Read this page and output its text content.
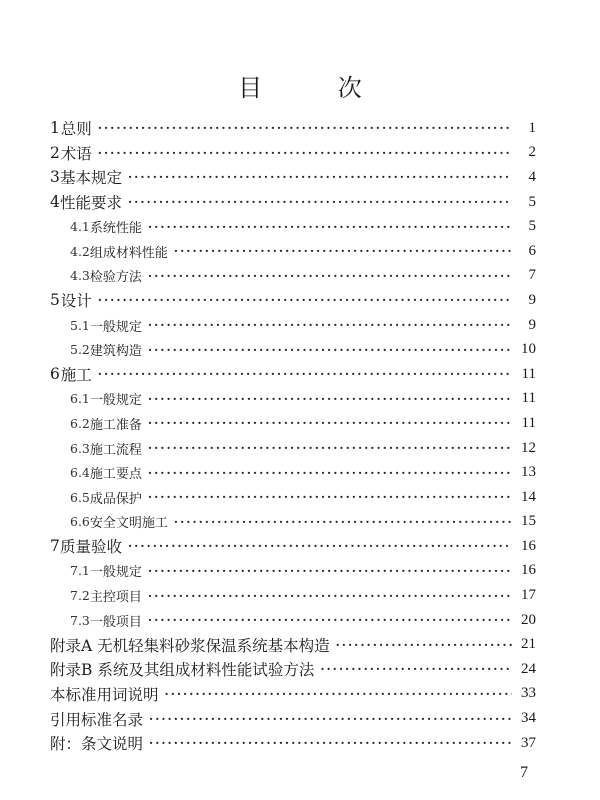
目 次
1 总则 ·····	1
2 术语 ·····	2
3 基本规定 ·····	4
4 性能要求 ·····	5
4.1 系统性能 ·····	5
4.2 组成材料性能 ·····	6
4.3 检验方法 ·····	7
5 设计 ·····	9
5.1 一般规定 ·····	9
5.2 建筑构造 ·····	10
6 施工 ·····	11
6.1 一般规定 ·····	11
6.2 施工准备 ·····	11
6.3 施工流程 ·····	12
6.4 施工要点 ·····	13
6.5 成品保护 ·····	14
6.6 安全文明施工 ·····	15
7 质量验收 ·····	16
7.1 一般规定 ·····	16
7.2 主控项目 ·····	17
7.3 一般项目 ·····	20
附录A 无机轻集料砂浆保温系统基本构造 ·····	21
附录B 系统及其组成材料性能试验方法 ·····	24
本标准用词说明 ·····	33
引用标准名录 ·····	34
附：条文说明 ·····	37
7
